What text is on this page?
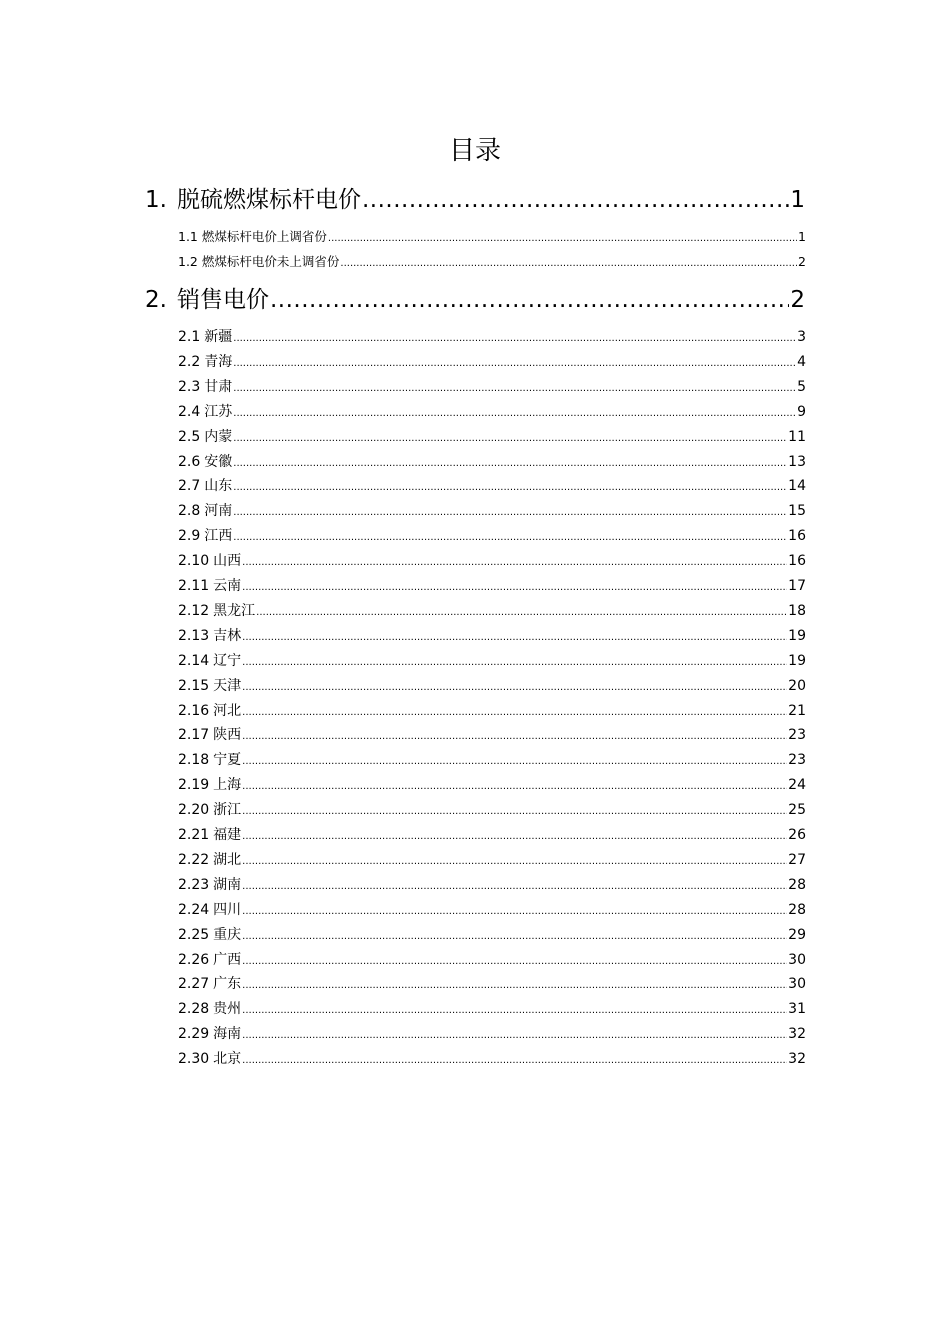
目录
1. 脱硫燃煤标杆电价 .....	1
1.1 燃煤标杆电价上调省份 .....	1
1.2 燃煤标杆电价未上调省份 .....	2
2. 销售电价 .....	2
2.1 新疆 .....	3
2.2 青海 .....	4
2.3 甘肃 .....	5
2.4 江苏 .....	9
2.5 内蒙 .....	11
2.6 安徽 .....	13
2.7 山东 .....	14
2.8 河南 .....	15
2.9 江西 .....	16
2.10 山西 .....	16
2.11 云南 .....	17
2.12 黑龙江 .....	18
2.13 吉林 .....	19
2.14 辽宁 .....	19
2.15 天津 .....	20
2.16 河北 .....	21
2.17 陕西 .....	23
2.18 宁夏 .....	23
2.19 上海 .....	24
2.20 浙江 .....	25
2.21 福建 .....	26
2.22 湖北 .....	27
2.23 湖南 .....	28
2.24 四川 .....	28
2.25 重庆 .....	29
2.26 广西 .....	30
2.27 广东 .....	30
2.28 贵州 .....	31
2.29 海南 .....	32
2.30 北京 .....	32
